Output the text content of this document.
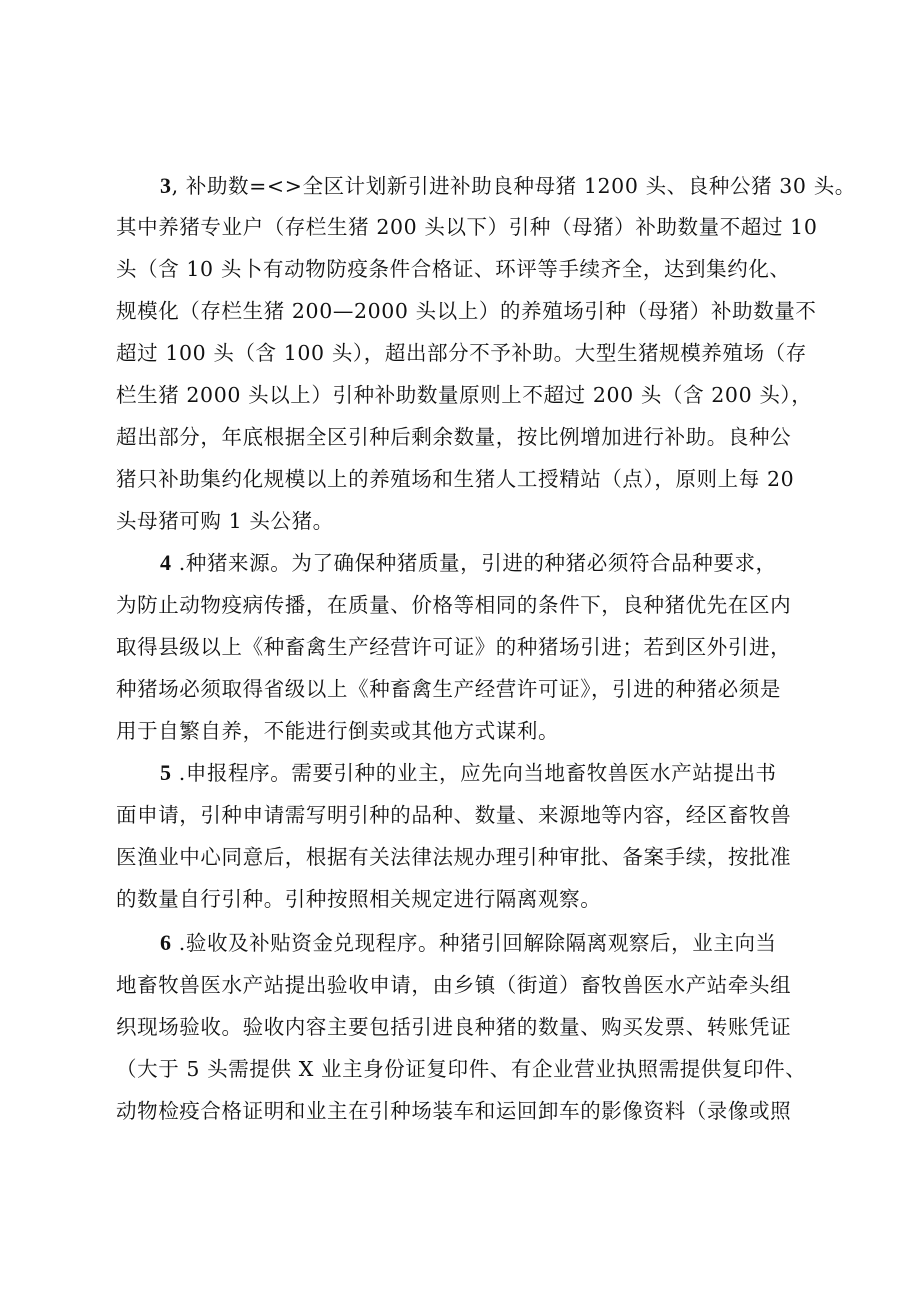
3, 补助数=<>全区计划新引进补助良种母猪 1200 头、良种公猪 30 头。
其中养猪专业户（存栏生猪 200 头以下）引种（母猪）补助数量不超过 10
头（含 10 头卜有动物防疫条件合格证、环评等手续齐全，达到集约化、
规模化（存栏生猪 200—2000 头以上）的养殖场引种（母猪）补助数量不
超过 100 头（含 100 头），超出部分不予补助。大型生猪规模养殖场（存
栏生猪 2000 头以上）引种补助数量原则上不超过 200 头（含 200 头），
超出部分，年底根据全区引种后剩余数量，按比例增加进行补助。良种公
猪只补助集约化规模以上的养殖场和生猪人工授精站（点），原则上每 20
头母猪可购 1 头公猪。
4 .种猪来源。为了确保种猪质量，引进的种猪必须符合品种要求，
为防止动物疫病传播，在质量、价格等相同的条件下，良种猪优先在区内
取得县级以上《种畜禽生产经营许可证》的种猪场引进；若到区外引进，
种猪场必须取得省级以上《种畜禽生产经营许可证》，引进的种猪必须是
用于自繁自养，不能进行倒卖或其他方式谋利。
5 .申报程序。需要引种的业主，应先向当地畜牧兽医水产站提出书
面申请，引种申请需写明引种的品种、数量、来源地等内容，经区畜牧兽
医渔业中心同意后，根据有关法律法规办理引种审批、备案手续，按批准
的数量自行引种。引种按照相关规定进行隔离观察。
6 .验收及补贴资金兑现程序。种猪引回解除隔离观察后，业主向当
地畜牧兽医水产站提出验收申请，由乡镇（街道）畜牧兽医水产站牵头组
织现场验收。验收内容主要包括引进良种猪的数量、购买发票、转账凭证
（大于 5 头需提供 X 业主身份证复印件、有企业营业执照需提供复印件、
动物检疫合格证明和业主在引种场装车和运回卸车的影像资料（录像或照
